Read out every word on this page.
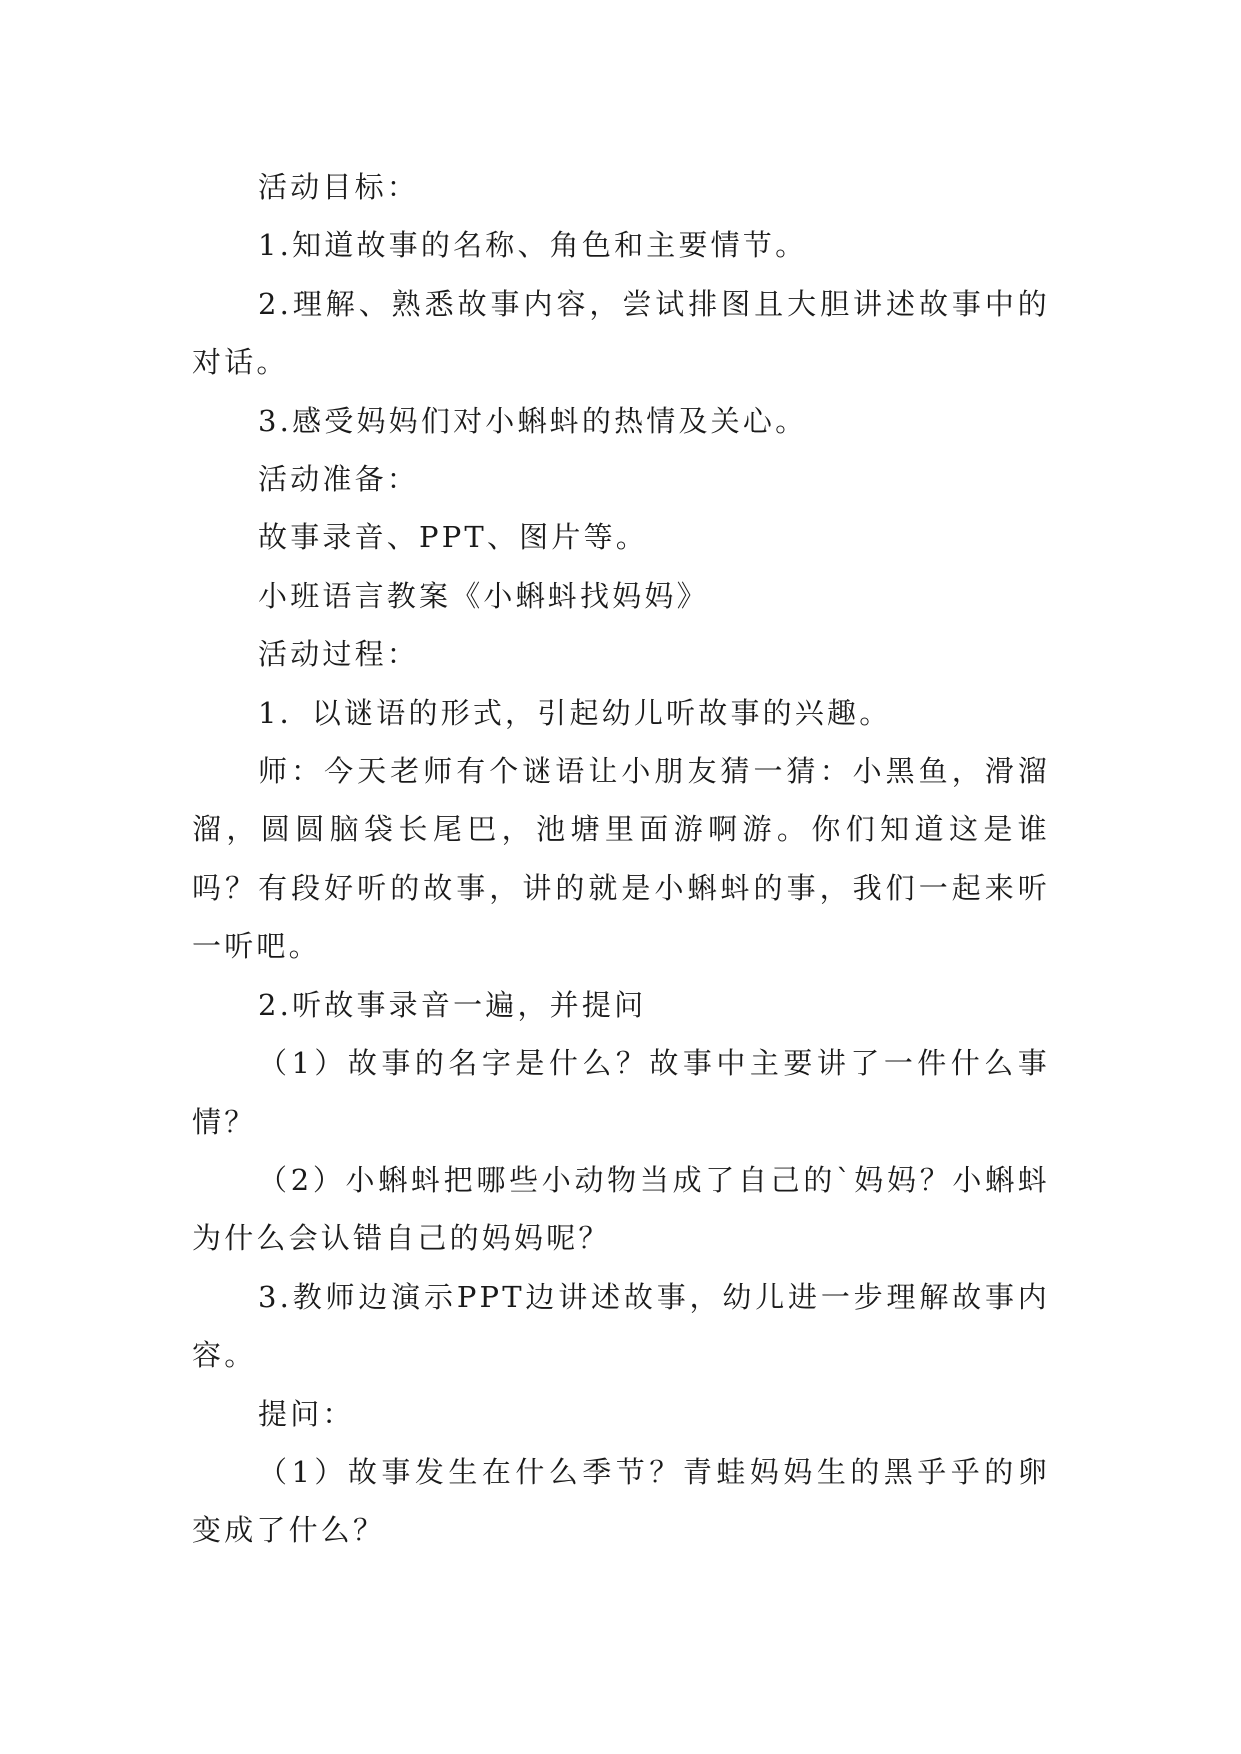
活动目标：

1.知道故事的名称、角色和主要情节。

2.理解、熟悉故事内容，尝试排图且大胆讲述故事中的对话。

3.感受妈妈们对小蝌蚪的热情及关心。

活动准备：

故事录音、PPT、图片等。

小班语言教案《小蝌蚪找妈妈》

活动过程：

1．以谜语的形式，引起幼儿听故事的兴趣。

师：今天老师有个谜语让小朋友猜一猜：小黑鱼，滑溜溜，圆圆脑袋长尾巴，池塘里面游啊游。你们知道这是谁吗？有段好听的故事，讲的就是小蝌蚪的事，我们一起来听一听吧。

2.听故事录音一遍，并提问

（1）故事的名字是什么？故事中主要讲了一件什么事情？

（2）小蝌蚪把哪些小动物当成了自己的`妈妈？小蝌蚪为什么会认错自己的妈妈呢？

3.教师边演示PPT边讲述故事，幼儿进一步理解故事内容。

提问：

（1）故事发生在什么季节？青蛙妈妈生的黑乎乎的卵变成了什么？
